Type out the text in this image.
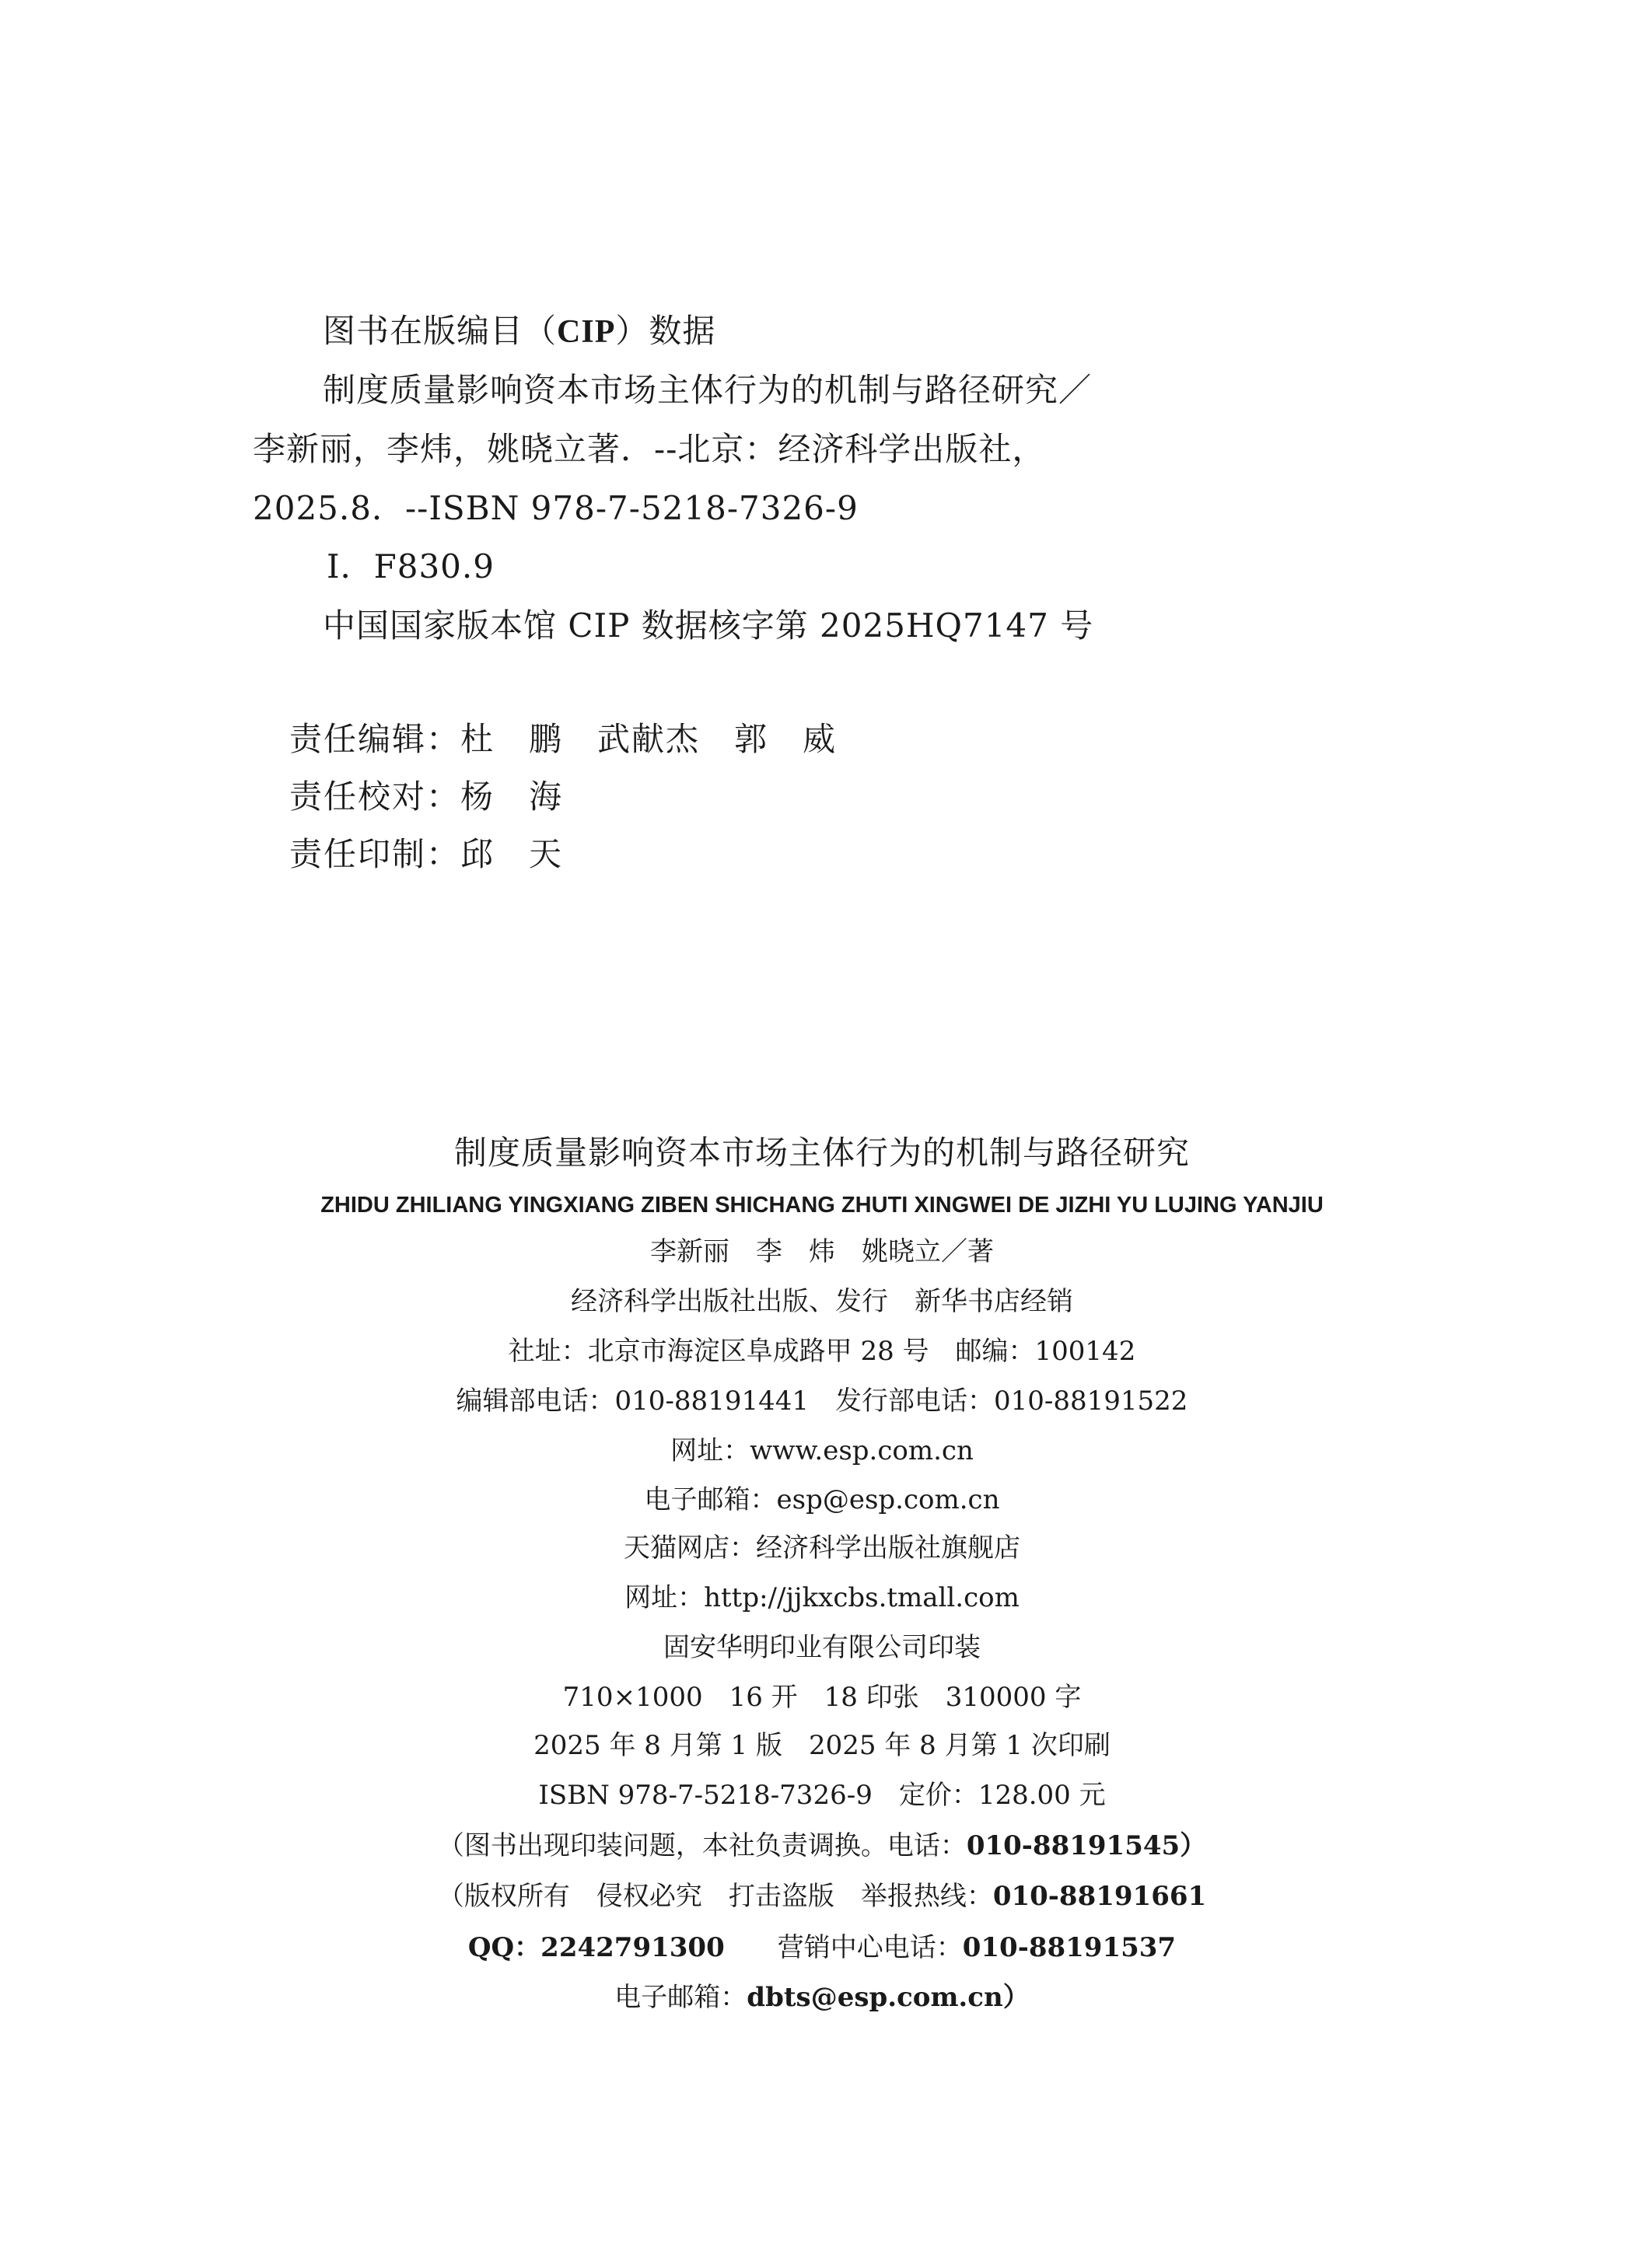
图书在版编目（CIP）数据
制度质量影响资本市场主体行为的机制与路径研究／
李新丽，李炜，姚晓立著．--北京：经济科学出版社，
2025.8．--ISBN 978-7-5218-7326-9
Ⅰ．F830.9
中国国家版本馆 CIP 数据核字第 2025HQ7147 号
责任编辑：杜　鹏　武献杰　郭　威
责任校对：杨　海
责任印制：邱　天
制度质量影响资本市场主体行为的机制与路径研究
ZHIDU ZHILIANG YINGXIANG ZIBEN SHICHANG ZHUTI XINGWEI DE JIZHI YU LUJING YANJIU
李新丽　李　炜　姚晓立／著
经济科学出版社出版、发行　新华书店经销
社址：北京市海淀区阜成路甲 28 号　邮编：100142
编辑部电话：010-88191441　发行部电话：010-88191522
网址：www.esp.com.cn
电子邮箱：esp@esp.com.cn
天猫网店：经济科学出版社旗舰店
网址：http://jjkxcbs.tmall.com
固安华明印业有限公司印装
710×1000　16 开　18 印张　310000 字
2025 年 8 月第 1 版　2025 年 8 月第 1 次印刷
ISBN 978-7-5218-7326-9　定价：128.00 元
（图书出现印装问题，本社负责调换。电话：010-88191545）
（版权所有　侵权必究　打击盗版　举报热线：010-88191661
QQ：2242791300　　 营销中心电话：010-88191537
电子邮箱：dbts@esp.com.cn）
